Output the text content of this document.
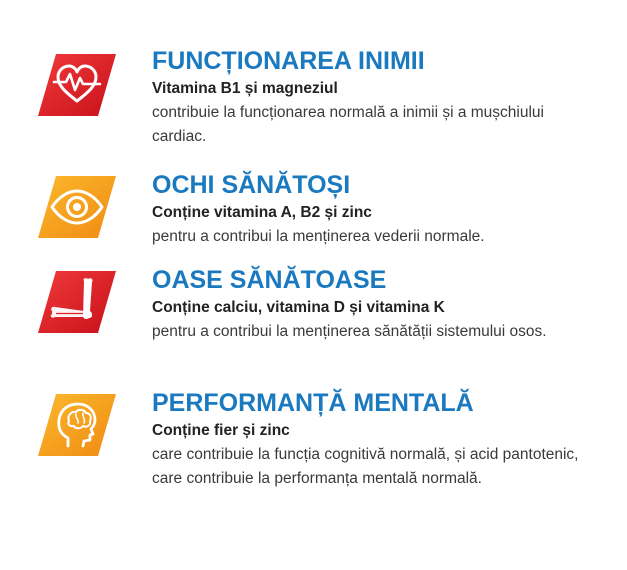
FUNCȚIONAREA INIMII

Vitamina B1 și magneziul

contribuie la funcționarea normală a inimii și a mușchiului cardiac.

OCHI SĂNĂTOȘI

Conține vitamina A, B2 și zinc

pentru a contribui la menținerea vederii normale.

OASE SĂNĂTOASE

Conține calciu, vitamina D și vitamina K

pentru a contribui la menținerea sănătății sistemului osos.

PERFORMANȚĂ MENTALĂ

Conține fier și zinc

care contribuie la funcția cognitivă normală, și acid pantotenic, care contribuie la performanța mentală normală.
